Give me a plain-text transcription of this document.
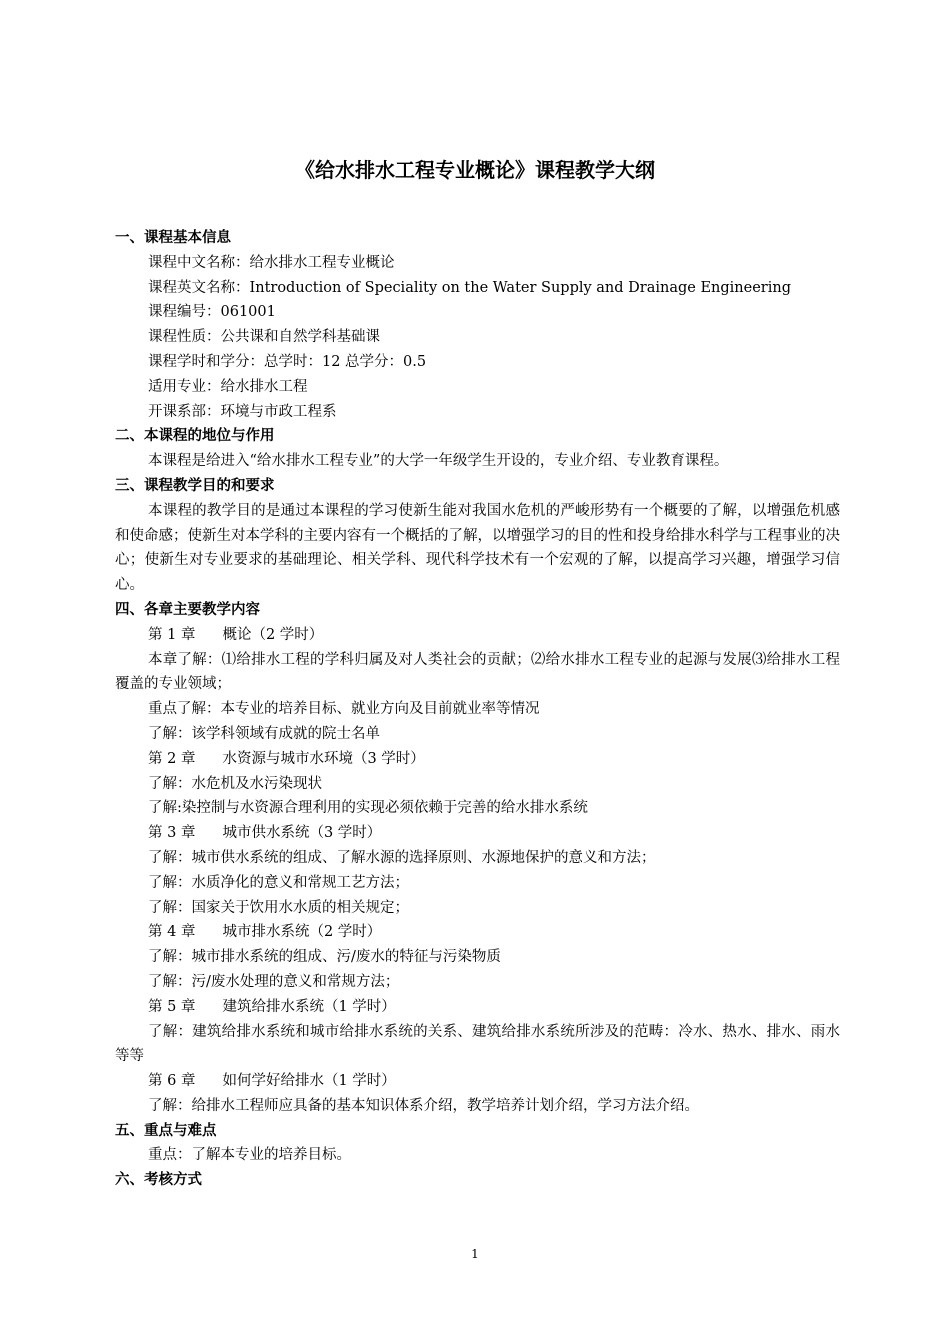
《给水排水工程专业概论》课程教学大纲
一、课程基本信息
课程中文名称：给水排水工程专业概论
课程英文名称：Introduction of Speciality on the Water Supply and Drainage Engineering
课程编号：061001
课程性质：公共课和自然学科基础课
课程学时和学分：总学时：12 总学分：0.5
适用专业：给水排水工程
开课系部：环境与市政工程系
二、本课程的地位与作用
本课程是给进入“给水排水工程专业”的大学一年级学生开设的，专业介绍、专业教育课程。
三、课程教学目的和要求
本课程的教学目的是通过本课程的学习使新生能对我国水危机的严峻形势有一个概要的了解，以增强危机感和使命感；使新生对本学科的主要内容有一个概括的了解，以增强学习的目的性和投身给排水科学与工程事业的决心；使新生对专业要求的基础理论、相关学科、现代科学技术有一个宏观的了解，以提高学习兴趣，增强学习信心。
四、各章主要教学内容
第 1 章 概论（2 学时）
本章了解：⑴给排水工程的学科归属及对人类社会的贡献；⑵给水排水工程专业的起源与发展⑶给排水工程覆盖的专业领域；
重点了解：本专业的培养目标、就业方向及目前就业率等情况
了解：该学科领域有成就的院士名单
第 2 章 水资源与城市水环境（3 学时）
了解：水危机及水污染现状
了解:染控制与水资源合理利用的实现必须依赖于完善的给水排水系统
第 3 章 城市供水系统（3 学时）
了解：城市供水系统的组成、了解水源的选择原则、水源地保护的意义和方法；
了解：水质净化的意义和常规工艺方法；
了解：国家关于饮用水水质的相关规定；
第 4 章 城市排水系统（2 学时）
了解：城市排水系统的组成、污/废水的特征与污染物质
了解：污/废水处理的意义和常规方法；
第 5 章 建筑给排水系统（1 学时）
了解：建筑给排水系统和城市给排水系统的关系、建筑给排水系统所涉及的范畴：冷水、热水、排水、雨水等等
第 6 章 如何学好给排水（1 学时）
了解：给排水工程师应具备的基本知识体系介绍，教学培养计划介绍，学习方法介绍。
五、重点与难点
重点：了解本专业的培养目标。
六、考核方式
1
